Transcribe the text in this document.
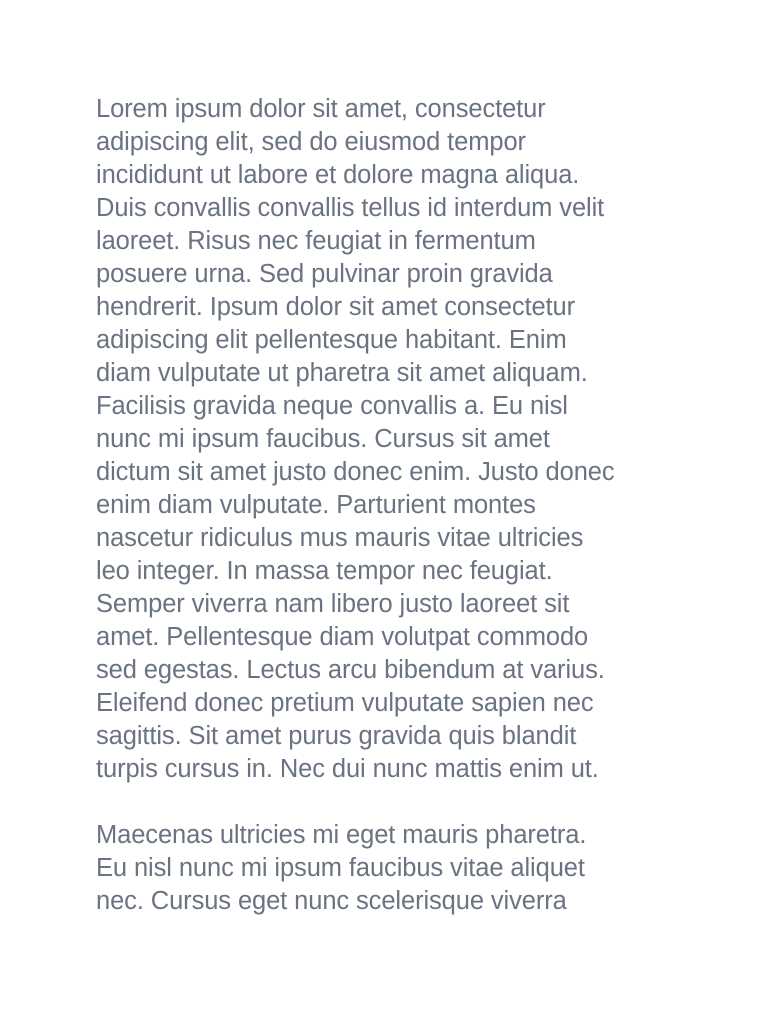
Lorem ipsum dolor sit amet, consectetur
adipiscing elit, sed do eiusmod tempor
incididunt ut labore et dolore magna aliqua.
Duis convallis convallis tellus id interdum velit
laoreet. Risus nec feugiat in fermentum
posuere urna. Sed pulvinar proin gravida
hendrerit. Ipsum dolor sit amet consectetur
adipiscing elit pellentesque habitant. Enim
diam vulputate ut pharetra sit amet aliquam.
Facilisis gravida neque convallis a. Eu nisl
nunc mi ipsum faucibus. Cursus sit amet
dictum sit amet justo donec enim. Justo donec
enim diam vulputate. Parturient montes
nascetur ridiculus mus mauris vitae ultricies
leo integer. In massa tempor nec feugiat.
Semper viverra nam libero justo laoreet sit
amet. Pellentesque diam volutpat commodo
sed egestas. Lectus arcu bibendum at varius.
Eleifend donec pretium vulputate sapien nec
sagittis. Sit amet purus gravida quis blandit
turpis cursus in. Nec dui nunc mattis enim ut.

Maecenas ultricies mi eget mauris pharetra.
Eu nisl nunc mi ipsum faucibus vitae aliquet
nec. Cursus eget nunc scelerisque viverra
